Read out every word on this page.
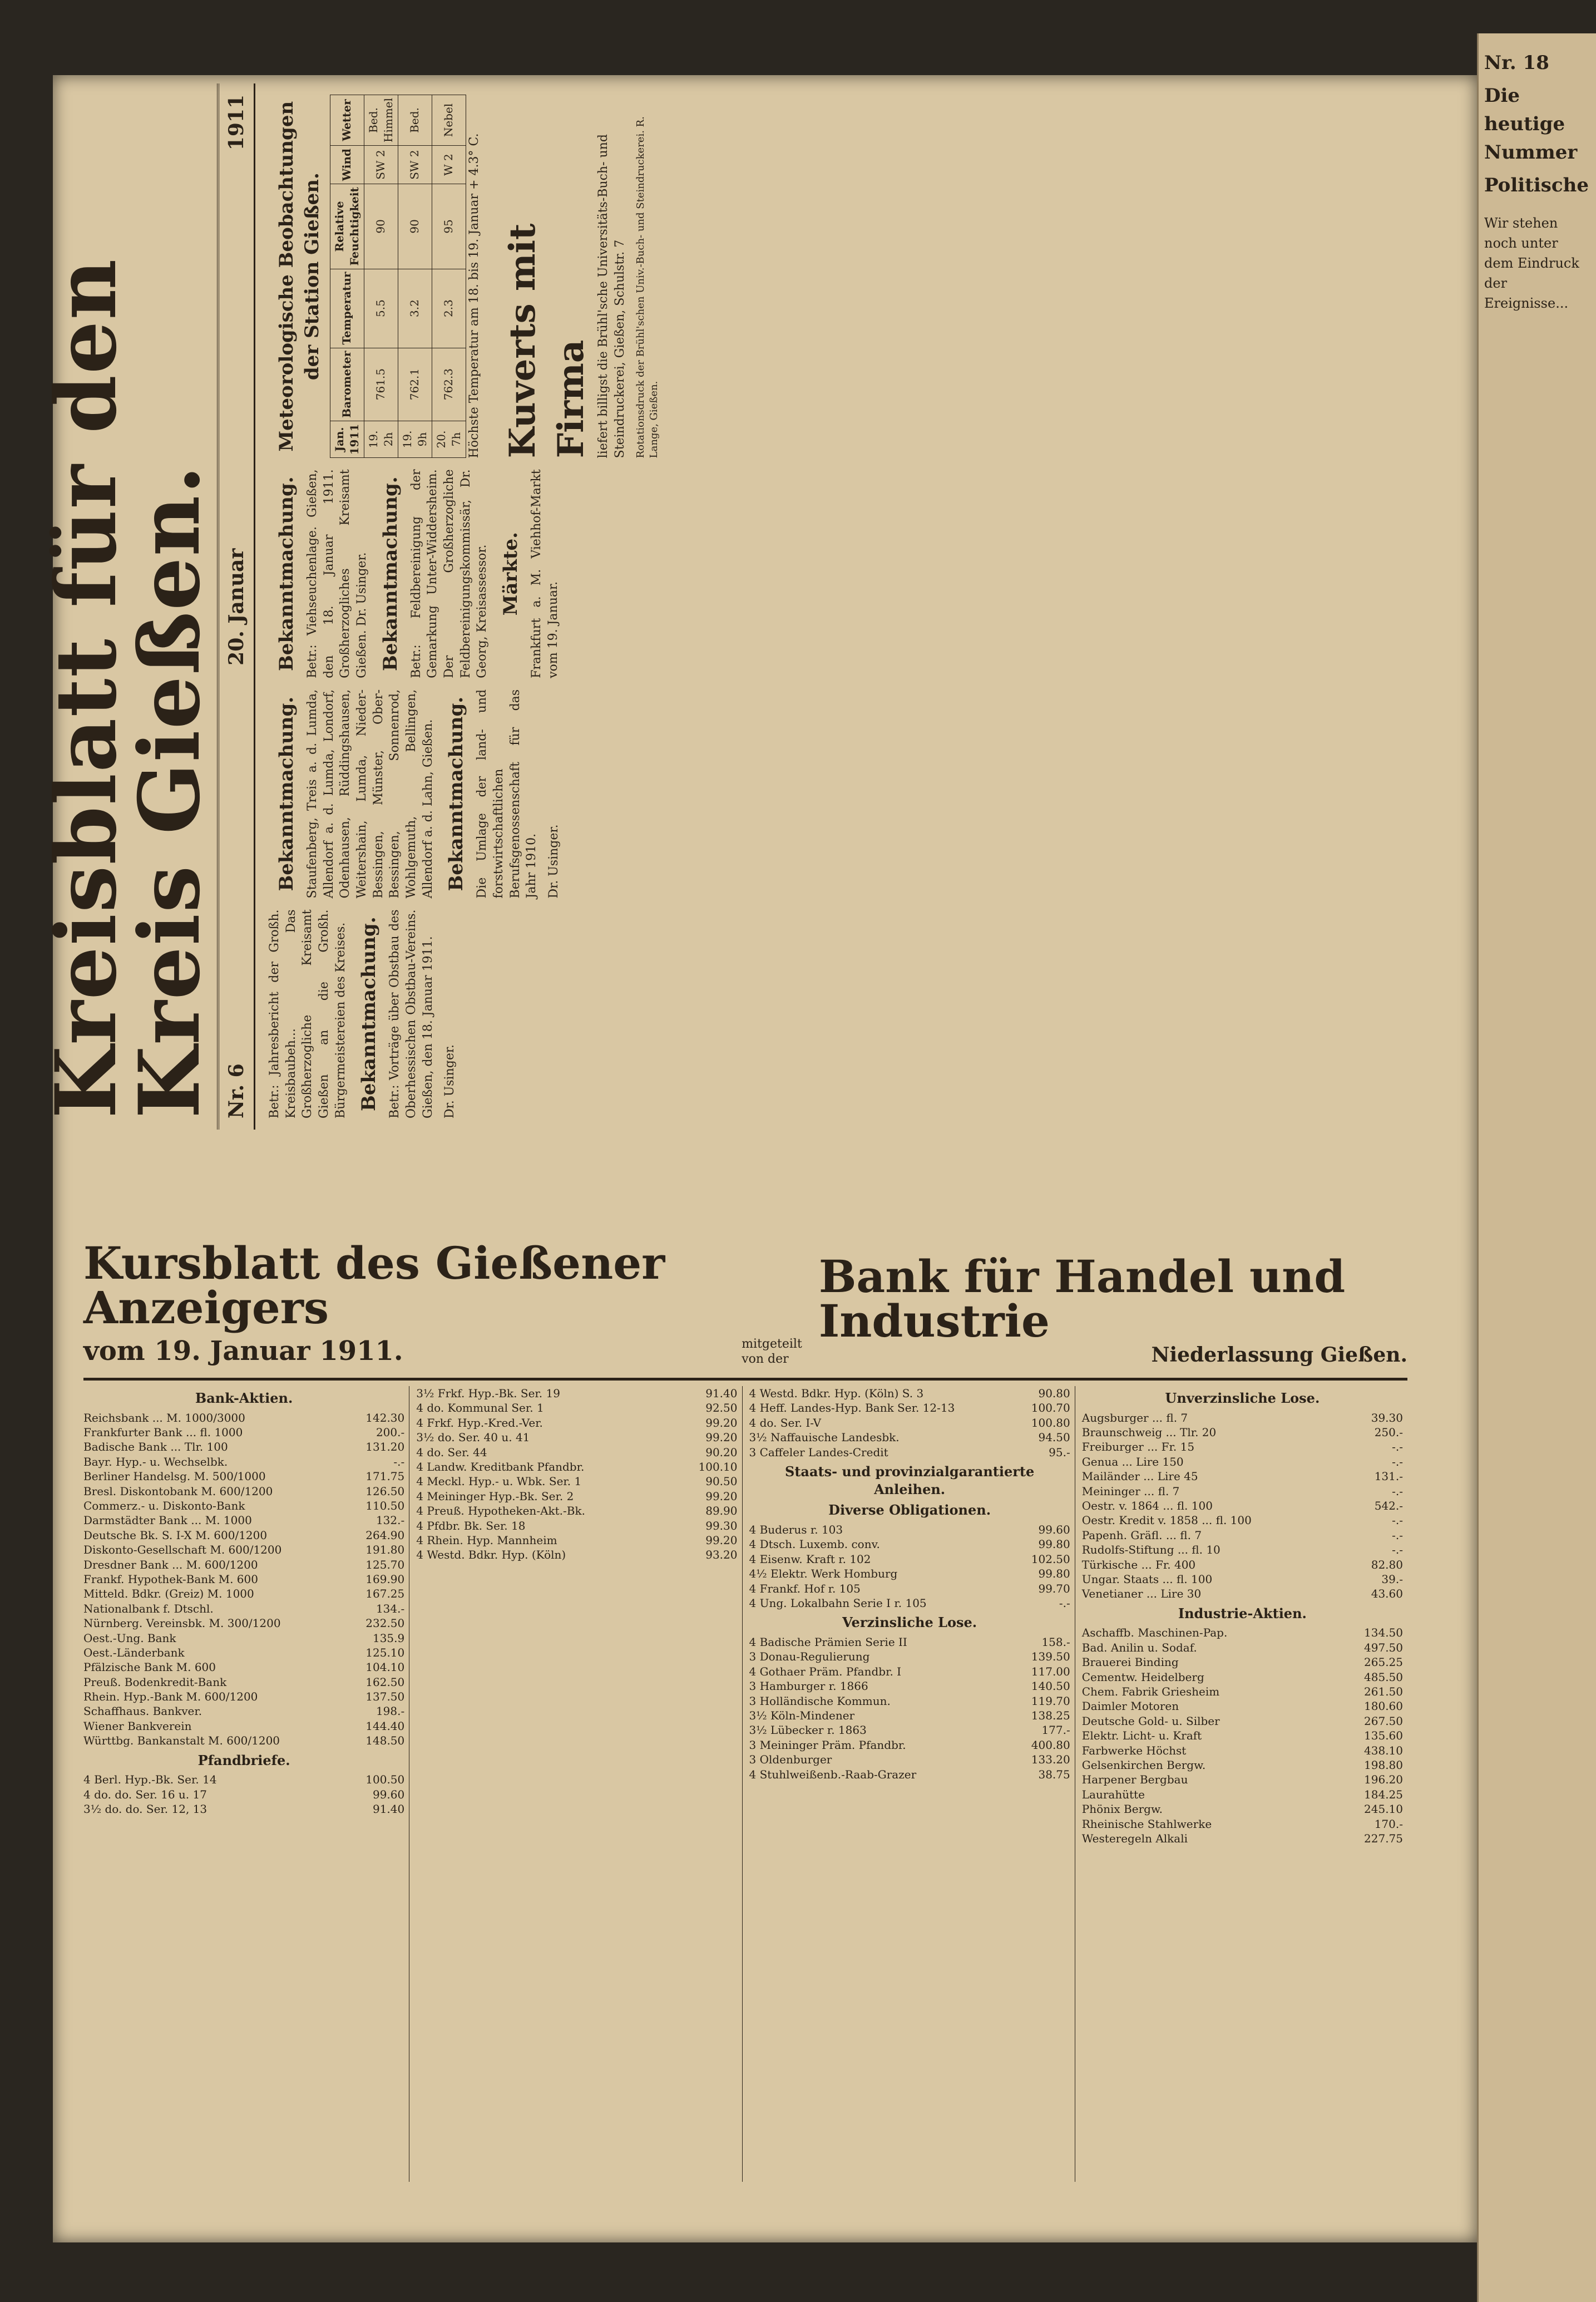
Kreisblatt für den Kreis Gießen. Nr. 6
20. Januar
1911

Betr.: Jahresbericht der Großh. Kreisbaubeh... Das Großherzogliche Kreisamt Gießen an die Großh. Bürgermeistereien des Kreises. Bekanntmachung. Betr.: Vorträge über Obstbau des Oberhessischen Obstbau-Vereins. Gießen, den 18. Januar 1911. Dr. Usinger.

Bekanntmachung. Staufenberg, Treis a. d. Lumda, Allendorf a. d. Lumda, Londorf, Odenhausen, Rüddingshausen, Weitershain, Lumda, Nieder-Bessingen, Münster, Ober-Bessingen, Sonnenrod, Wohlgemuth, Bellingen, Allendorf a. d. Lahn, Gießen. Bekanntmachung. Die Umlage der land- und forstwirtschaftlichen Berufsgenossenschaft für das Jahr 1910. Dr. Usinger.

Bekanntmachung. Betr.: Viehseuchenlage. Gießen, den 18. Januar 1911. Großherzogliches Kreisamt Gießen. Dr. Usinger. Bekanntmachung. Betr.: Feldbereinigung der Gemarkung Unter-Widdersheim. Der Großherzogliche Feldbereinigungskommissär, Dr. Georg, Kreisassessor. Märkte. Frankfurt a. M. Viehhof-Markt vom 19. Januar.

Meteorologische Beobachtungen der Station Gießen.
Jan. 1911	Barometer	Temperatur	Relative Feuchtigkeit	Wind	Wetter
19. 2h	761.5	5.5	90	SW 2	Bed. Himmel
19. 9h	762.1	3.2	90	SW 2	Bed.
20. 7h	762.3	2.3	95	W 2	Nebel

Höchste Temperatur am 18. bis 19. Januar + 4.3° C. Kuverts mit Firma liefert billigst die Brühl'sche Universitäts-Buch- und Steindruckerei, Gießen, Schulstr. 7 Rotationsdruck der Brühl'schen Univ.-Buch- und Steindruckerei. R. Lange, Gießen.
Kursblatt des Gießener Anzeigers
vom 19. Januar 1911.	mitgeteilt von der
Bank für Handel und Industrie
Niederlassung Gießen.
Bank-Aktien.
Reichsbank ... M. 1000/3000	142.30
Frankfurter Bank ... fl. 1000	200.-
Badische Bank ... Tlr. 100	131.20
Bayr. Hyp.- u. Wechselbk.	-.-
Berliner Handelsg. M. 500/1000	171.75
Bresl. Diskontobank M. 600/1200	126.50
Commerz.- u. Diskonto-Bank	110.50
Darmstädter Bank ... M. 1000	132.-
Deutsche Bk. S. I-X M. 600/1200	264.90
Diskonto-Gesellschaft M. 600/1200	191.80
Dresdner Bank ... M. 600/1200	125.70
Frankf. Hypothek-Bank M. 600	169.90
Mitteld. Bdkr. (Greiz) M. 1000	167.25
Nationalbank f. Dtschl.	134.-
Nürnberg. Vereinsbk. M. 300/1200	232.50
Oest.-Ung. Bank	135.9
Oest.-Länderbank	125.10
Pfälzische Bank M. 600	104.10
Preuß. Bodenkredit-Bank	162.50
Rhein. Hyp.-Bank M. 600/1200	137.50
Schaffhaus. Bankver.	198.-
Wiener Bankverein	144.40
Württbg. Bankanstalt M. 600/1200	148.50
Pfandbriefe.
4 Berl. Hyp.-Bk. Ser. 14	100.50
4 do. do. Ser. 16 u. 17	99.60
3½ do. do. Ser. 12, 13	91.40
3½ Frkf. Hyp.-Bk. Ser. 19	91.40
4 do. Kommunal Ser. 1	92.50
4 Frkf. Hyp.-Kred.-Ver.	99.20
3½ do. Ser. 40 u. 41	99.20
4 do. Ser. 44	90.20
4 Landw. Kreditbank Pfandbr.	100.10
4 Meckl. Hyp.- u. Wbk. Ser. 1	90.50
4 Meininger Hyp.-Bk. Ser. 2	99.20
4 Preuß. Hypotheken-Akt.-Bk.	89.90
4 Pfdbr. Bk. Ser. 18	99.30
4 Rhein. Hyp. Mannheim	99.20
4 Westd. Bdkr. Hyp. (Köln)	93.20
4 Westd. Bdkr. Hyp. (Köln) S. 3	90.80
4 Heff. Landes-Hyp. Bank Ser. 12-13	100.70
4 do. Ser. I-V	100.80
3½ Naffauische Landesbk.	94.50
3 Caffeler Landes-Credit	95.-
Staats- und provinzialgarantierte Anleihen.
Diverse Obligationen.
4 Buderus r. 103	99.60
4 Dtsch. Luxemb. conv.	99.80
4 Eisenw. Kraft r. 102	102.50
4½ Elektr. Werk Homburg	99.80
4 Frankf. Hof r. 105	99.70
4 Ung. Lokalbahn Serie I r. 105	-.-
Verzinsliche Lose.
4 Badische Prämien Serie II	158.-
3 Donau-Regulierung	139.50
4 Gothaer Präm. Pfandbr. I	117.00
3 Hamburger r. 1866	140.50
3 Holländische Kommun.	119.70
3½ Köln-Mindener	138.25
3½ Lübecker r. 1863	177.-
3 Meininger Präm. Pfandbr.	400.80
3 Oldenburger	133.20
4 Stuhlweißenb.-Raab-Grazer	38.75
Unverzinsliche Lose.
Augsburger ... fl. 7	39.30
Braunschweig ... Tlr. 20	250.-
Freiburger ... Fr. 15	-.-
Genua ... Lire 150	-.-
Mailänder ... Lire 45	131.-
Meininger ... fl. 7	-.-
Oestr. v. 1864 ... fl. 100	542.-
Oestr. Kredit v. 1858 ... fl. 100	-.-
Papenh. Gräfl. ... fl. 7	-.-
Rudolfs-Stiftung ... fl. 10	-.-
Türkische ... Fr. 400	82.80
Ungar. Staats ... fl. 100	39.-
Venetianer ... Lire 30	43.60
Industrie-Aktien.
Aschaffb. Maschinen-Pap.	134.50
Bad. Anilin u. Sodaf.	497.50
Brauerei Binding	265.25
Cementw. Heidelberg	485.50
Chem. Fabrik Griesheim	261.50
Daimler Motoren	180.60
Deutsche Gold- u. Silber	267.50
Elektr. Licht- u. Kraft	135.60
Farbwerke Höchst	438.10
Gelsenkirchen Bergw.	198.80
Harpener Bergbau	196.20
Laurahütte	184.25
Phönix Bergw.	245.10
Rheinische Stahlwerke	170.-
Westeregeln Alkali	227.75
Nr. 18
Die heutige Nummer
Politische

Wir stehen noch unter dem Eindruck der Ereignisse...
